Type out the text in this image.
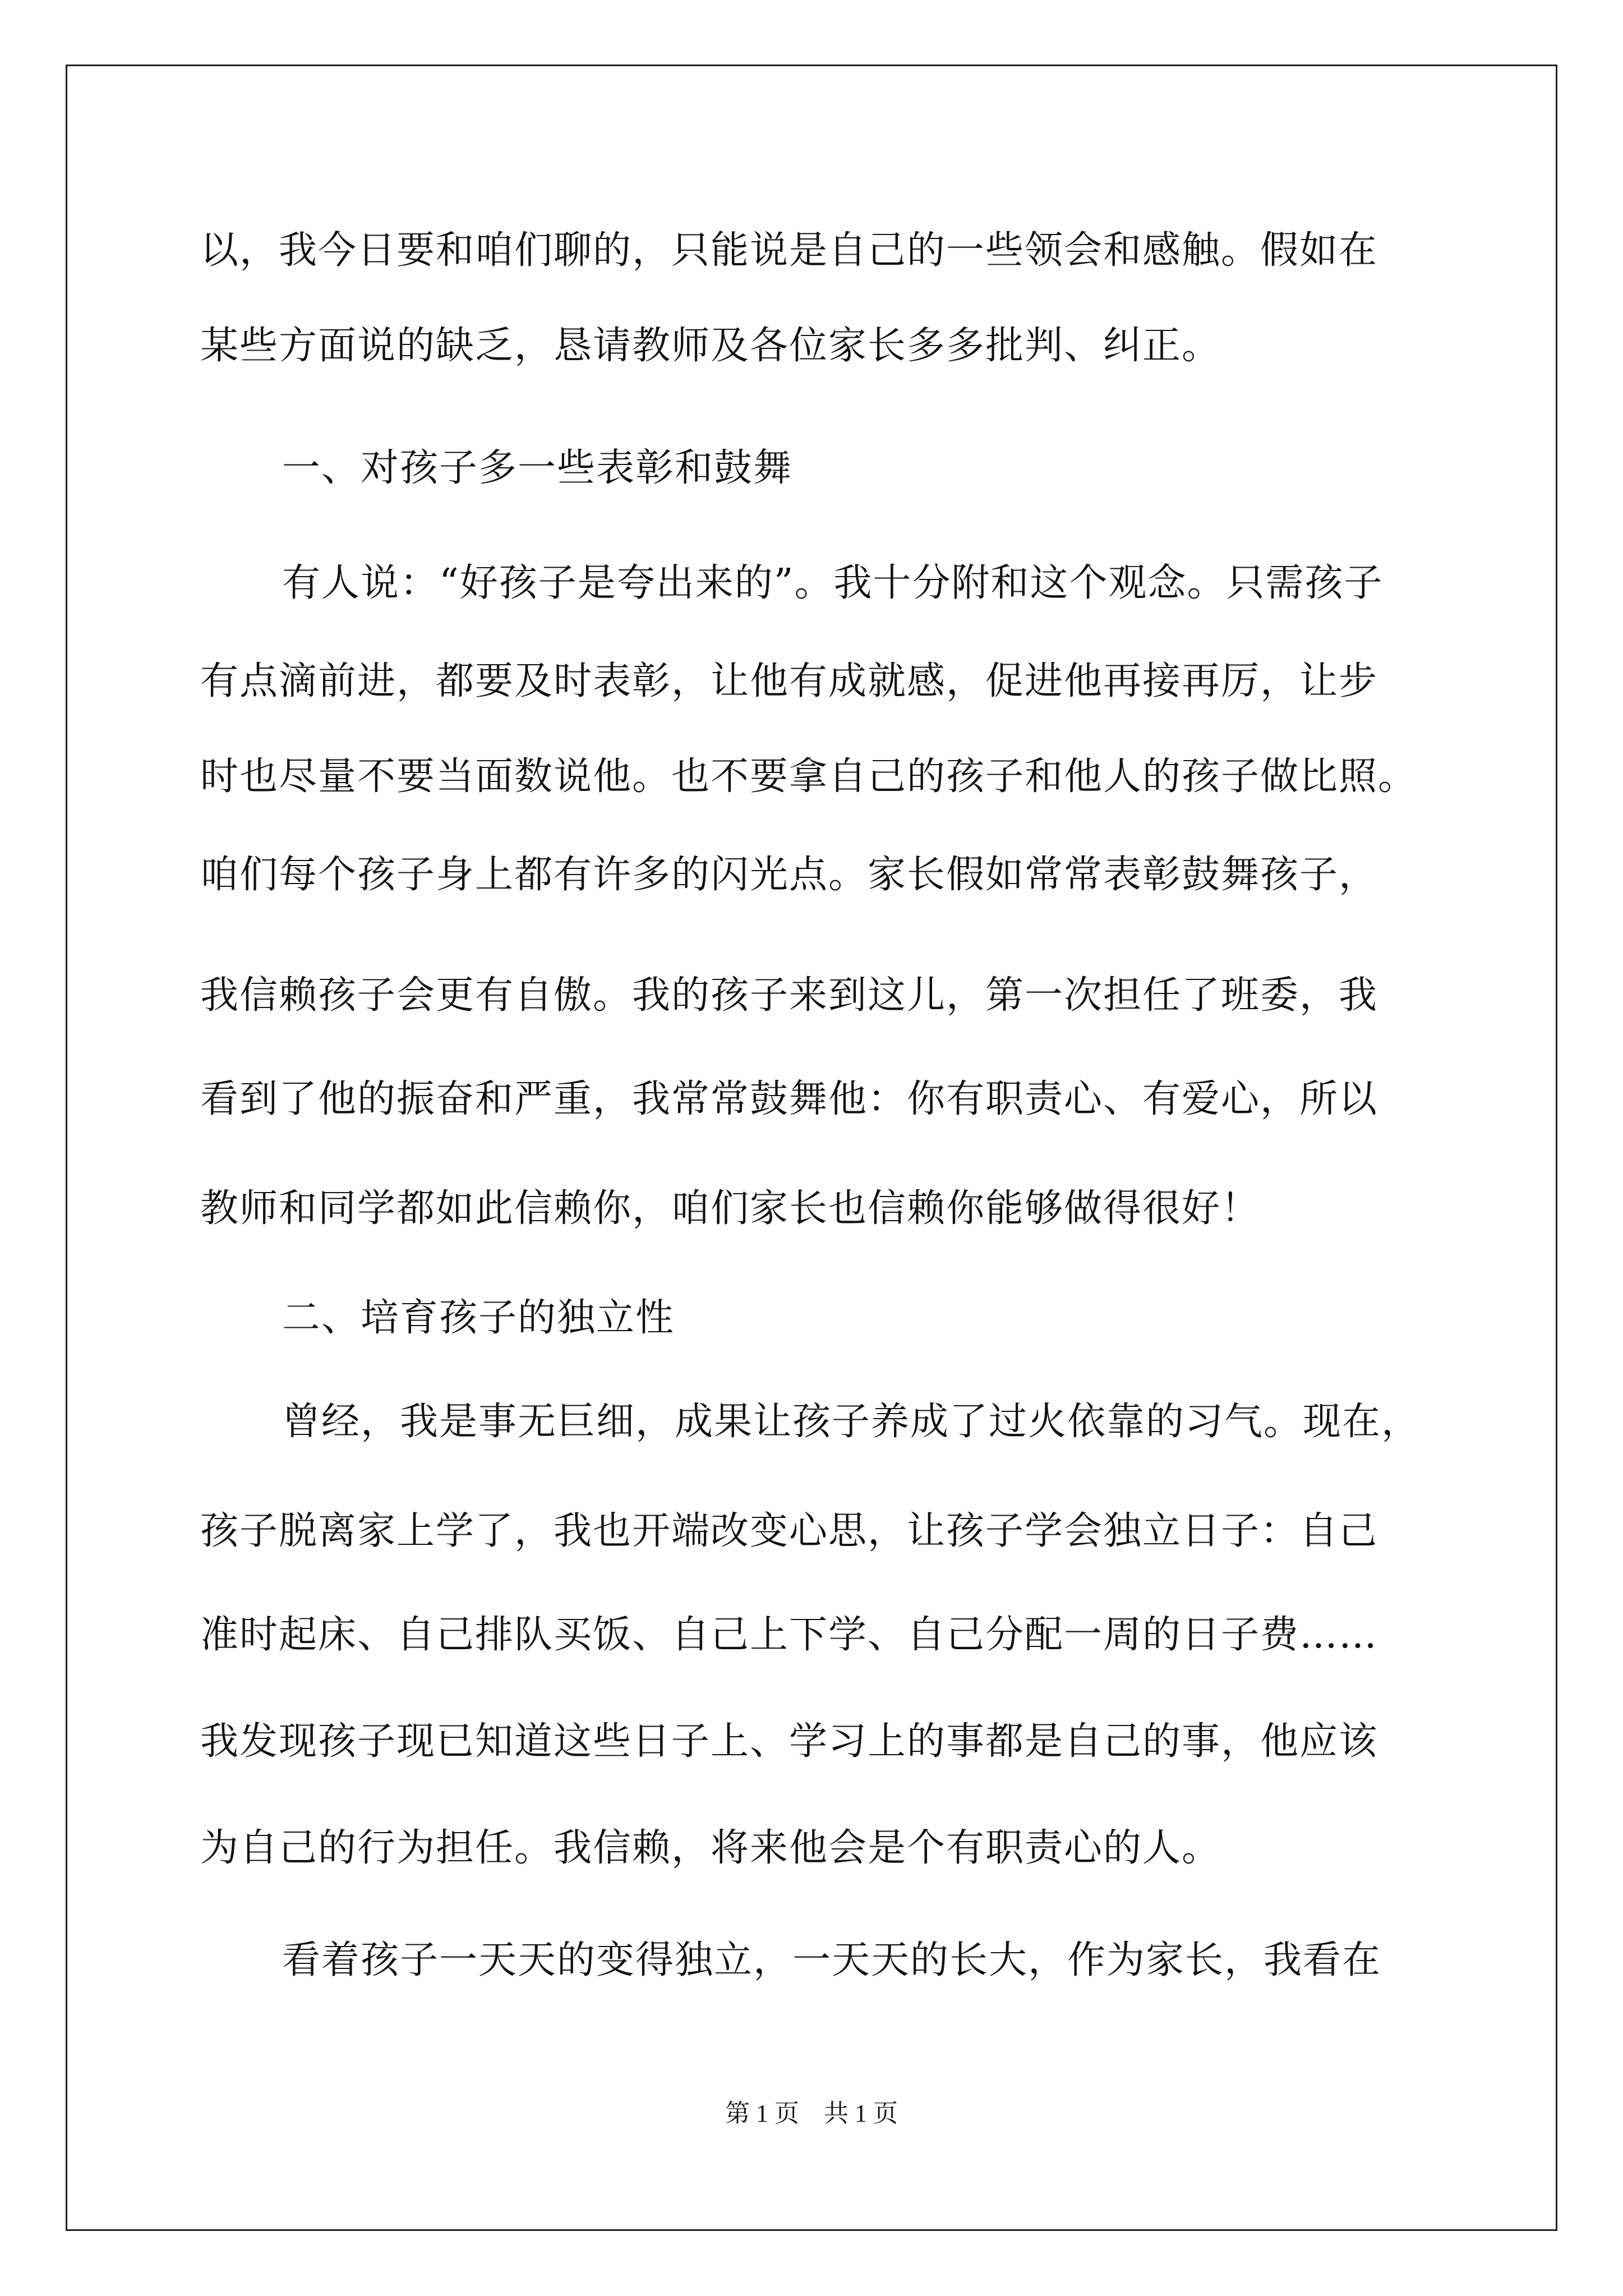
以，我今日要和咱们聊的，只能说是自己的一些领会和感触。假如在
某些方面说的缺乏，恳请教师及各位家长多多批判、纠正。
一、对孩子多一些表彰和鼓舞
有人说：“好孩子是夸出来的”。我十分附和这个观念。只需孩子
有点滴前进，都要及时表彰，让他有成就感，促进他再接再厉，让步
时也尽量不要当面数说他。也不要拿自己的孩子和他人的孩子做比照。
咱们每个孩子身上都有许多的闪光点。家长假如常常表彰鼓舞孩子，
我信赖孩子会更有自傲。我的孩子来到这儿，第一次担任了班委，我
看到了他的振奋和严重，我常常鼓舞他：你有职责心、有爱心，所以
教师和同学都如此信赖你，咱们家长也信赖你能够做得很好！
二、培育孩子的独立性
曾经，我是事无巨细，成果让孩子养成了过火依靠的习气。现在，
孩子脱离家上学了，我也开端改变心思，让孩子学会独立日子：自己
准时起床、自己排队买饭、自己上下学、自己分配一周的日子费……
我发现孩子现已知道这些日子上、学习上的事都是自己的事，他应该
为自己的行为担任。我信赖，将来他会是个有职责心的人。
看着孩子一天天的变得独立，一天天的长大，作为家长，我看在
第 1 页　共 1 页
